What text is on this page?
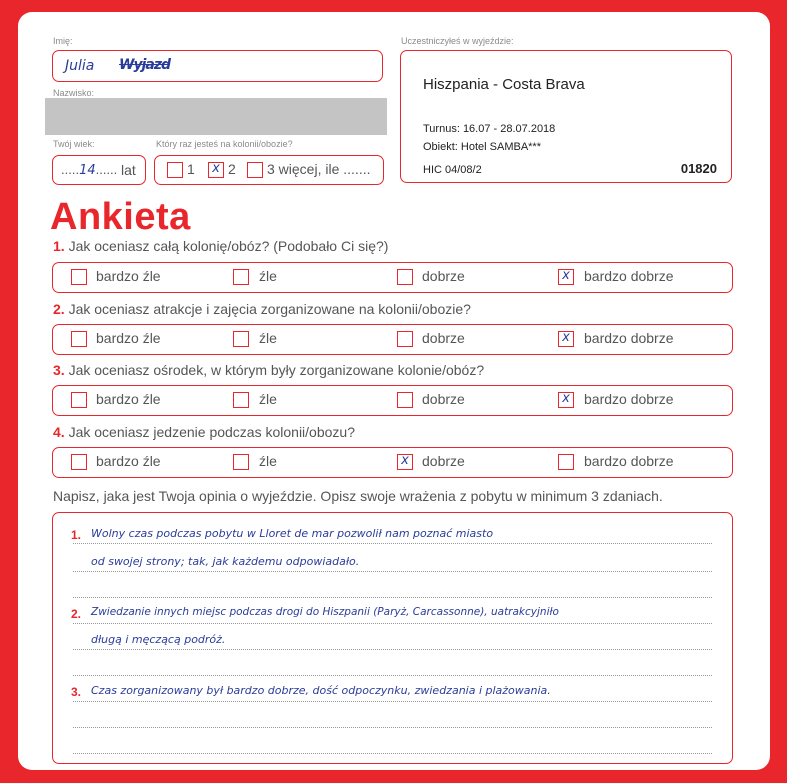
Imię:
Julia Wyjazd
Nazwisko:
Twój wiek:
.....14...... lat
Który raz jesteś na kolonii/obozie?
1 x 2 3 więcej, ile .......
Uczestniczyłeś w wyjeździe:
Hiszpania - Costa Brava
Turnus: 16.07 - 28.07.2018
Obiekt: Hotel SAMBA***
HIC 04/08/2	01820
Ankieta
1. Jak oceniasz całą kolonię/obóz? (Podobało Ci się?)
bardzo źle	źle	dobrze	x bardzo dobrze
2. Jak oceniasz atrakcje i zajęcia zorganizowane na kolonii/obozie?
bardzo źle	źle	dobrze	x bardzo dobrze
3. Jak oceniasz ośrodek, w którym były zorganizowane kolonie/obóz?
bardzo źle	źle	dobrze	x bardzo dobrze
4. Jak oceniasz jedzenie podczas kolonii/obozu?
bardzo źle	źle	x dobrze	bardzo dobrze
Napisz, jaka jest Twoja opinia o wyjeździe. Opisz swoje wrażenia z pobytu w minimum 3 zdaniach.
1. Wolny czas podczas pobytu w Lloret de mar pozwolił nam poznać miasto
od swojej strony; tak, jak każdemu odpowiadało.
2. Zwiedzanie innych miejsc podczas drogi do Hiszpanii (Paryż, Carcassonne), uatrakcyjniło
długą i męczącą podróż.
3. Czas zorganizowany był bardzo dobrze, dość odpoczynku, zwiedzania i plażowania.
